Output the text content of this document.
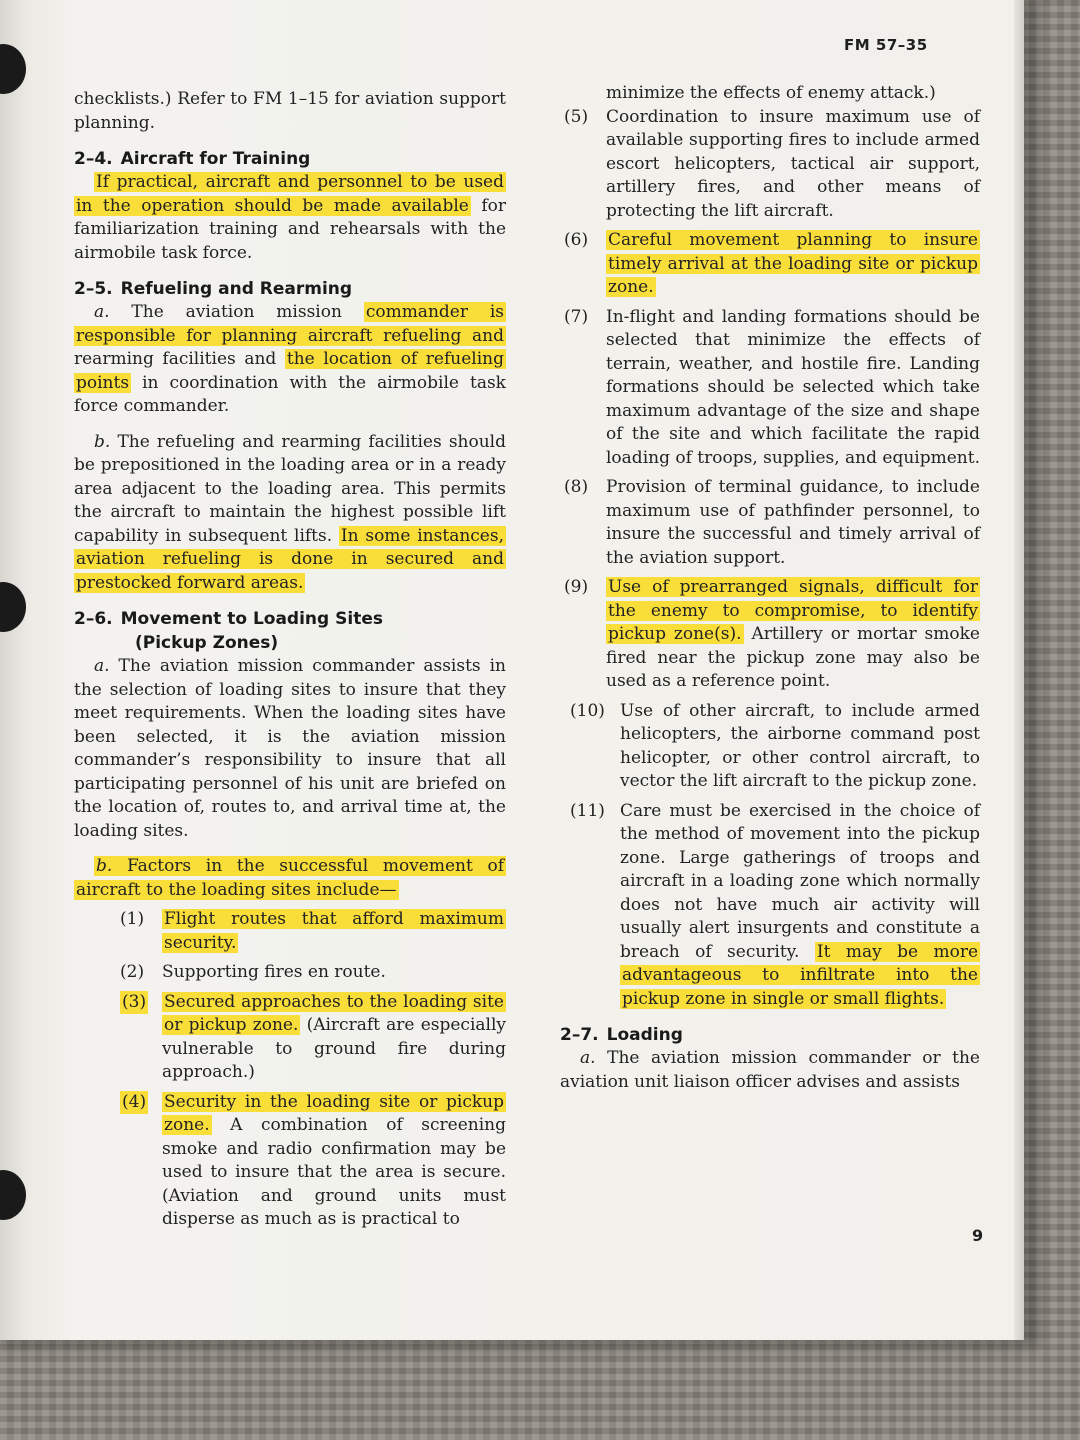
FM 57–35

checklists.) Refer to FM 1–15 for aviation support planning.

2–4. Aircraft for Training

If practical, aircraft and personnel to be used in the operation should be made available for familiarization training and rehearsals with the airmobile task force.

2–5. Refueling and Rearming

a. The aviation mission commander is responsible for planning aircraft refueling and rearming facilities and the location of refueling points in coordination with the airmobile task force commander.

b. The refueling and rearming facilities should be prepositioned in the loading area or in a ready area adjacent to the loading area. This permits the aircraft to maintain the highest possible lift capability in subsequent lifts. In some instances, aviation refueling is done in secured and prestocked forward areas.

2–6. Movement to Loading Sites
(Pickup Zones)

a. The aviation mission commander assists in the selection of loading sites to insure that they meet requirements. When the loading sites have been selected, it is the aviation mission commander’s responsibility to insure that all participating personnel of his unit are briefed on the location of, routes to, and arrival time at, the loading sites.

b. Factors in the successful movement of aircraft to the loading sites include—

(1) Flight routes that afford maximum security.

(2) Supporting fires en route.

(3) Secured approaches to the loading site or pickup zone. (Aircraft are especially vulnerable to ground fire during approach.)

(4) Security in the loading site or pickup zone. A combination of screening smoke and radio confirmation may be used to insure that the area is secure. (Aviation and ground units must disperse as much as is practical to

minimize the effects of enemy attack.)

(5) Coordination to insure maximum use of available supporting fires to include armed escort helicopters, tactical air support, artillery fires, and other means of protecting the lift aircraft.

(6) Careful movement planning to insure timely arrival at the loading site or pickup zone.

(7) In-flight and landing formations should be selected that minimize the effects of terrain, weather, and hostile fire. Landing formations should be selected which take maximum advantage of the size and shape of the site and which facilitate the rapid loading of troops, supplies, and equipment.

(8) Provision of terminal guidance, to include maximum use of pathfinder personnel, to insure the successful and timely arrival of the aviation support.

(9) Use of prearranged signals, difficult for the enemy to compromise, to identify pickup zone(s). Artillery or mortar smoke fired near the pickup zone may also be used as a reference point.

(10) Use of other aircraft, to include armed helicopters, the airborne command post helicopter, or other control aircraft, to vector the lift aircraft to the pickup zone.

(11) Care must be exercised in the choice of the method of movement into the pickup zone. Large gatherings of troops and aircraft in a loading zone which normally does not have much air activity will usually alert insurgents and constitute a breach of security. It may be more advantageous to infiltrate into the pickup zone in single or small flights.

2–7. Loading

a. The aviation mission commander or the aviation unit liaison officer advises and assists

9
